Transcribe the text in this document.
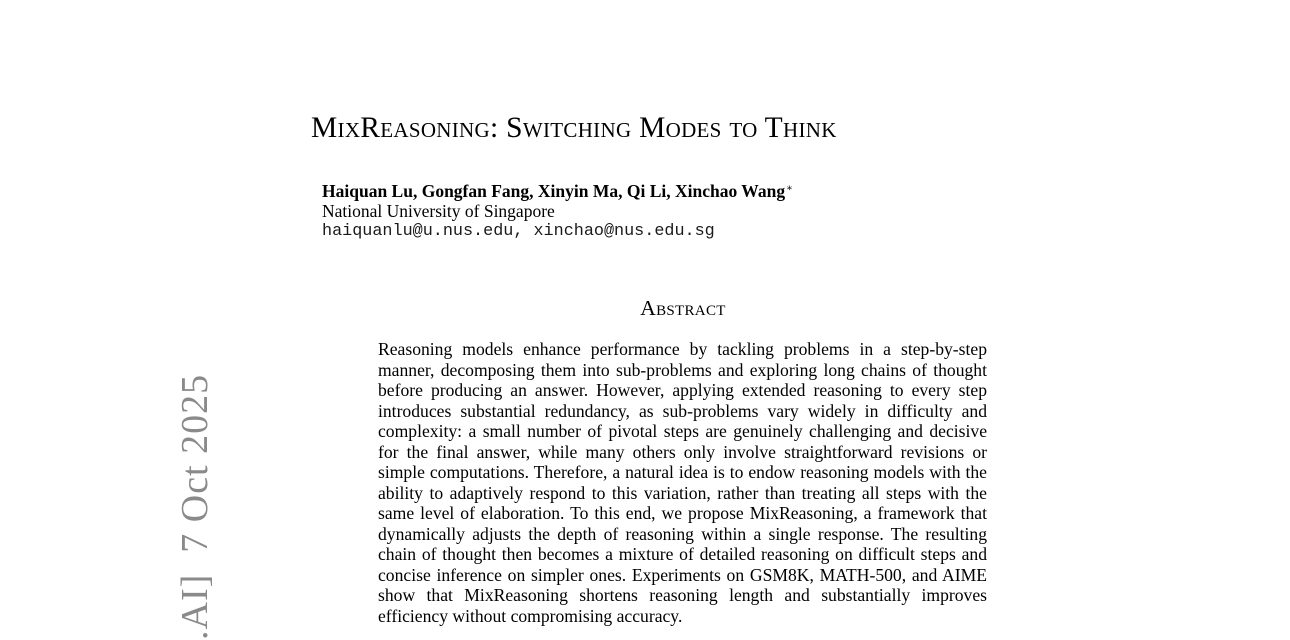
.AI]  7 Oct 2025
MixReasoning: Switching Modes to Think
Haiquan Lu, Gongfan Fang, Xinyin Ma, Qi Li, Xinchao Wang∗
National University of Singapore
haiquanlu@u.nus.edu, xinchao@nus.edu.sg
Abstract

Reasoning models enhance performance by tackling problems in a step-by-step manner, decomposing them into sub-problems and exploring long chains of thought before producing an answer. However, applying extended reasoning to every step introduces substantial redundancy, as sub-problems vary widely in difficulty and complexity: a small number of pivotal steps are genuinely challenging and decisive for the final answer, while many others only involve straightforward revisions or simple computations. Therefore, a natural idea is to endow reasoning models with the ability to adaptively respond to this variation, rather than treating all steps with the same level of elaboration. To this end, we propose MixReasoning, a framework that dynamically adjusts the depth of reasoning within a single response. The resulting chain of thought then becomes a mixture of detailed reasoning on difficult steps and concise inference on simpler ones. Experiments on GSM8K, MATH-500, and AIME show that MixReasoning shortens reasoning length and substantially improves efficiency without compromising accuracy.
